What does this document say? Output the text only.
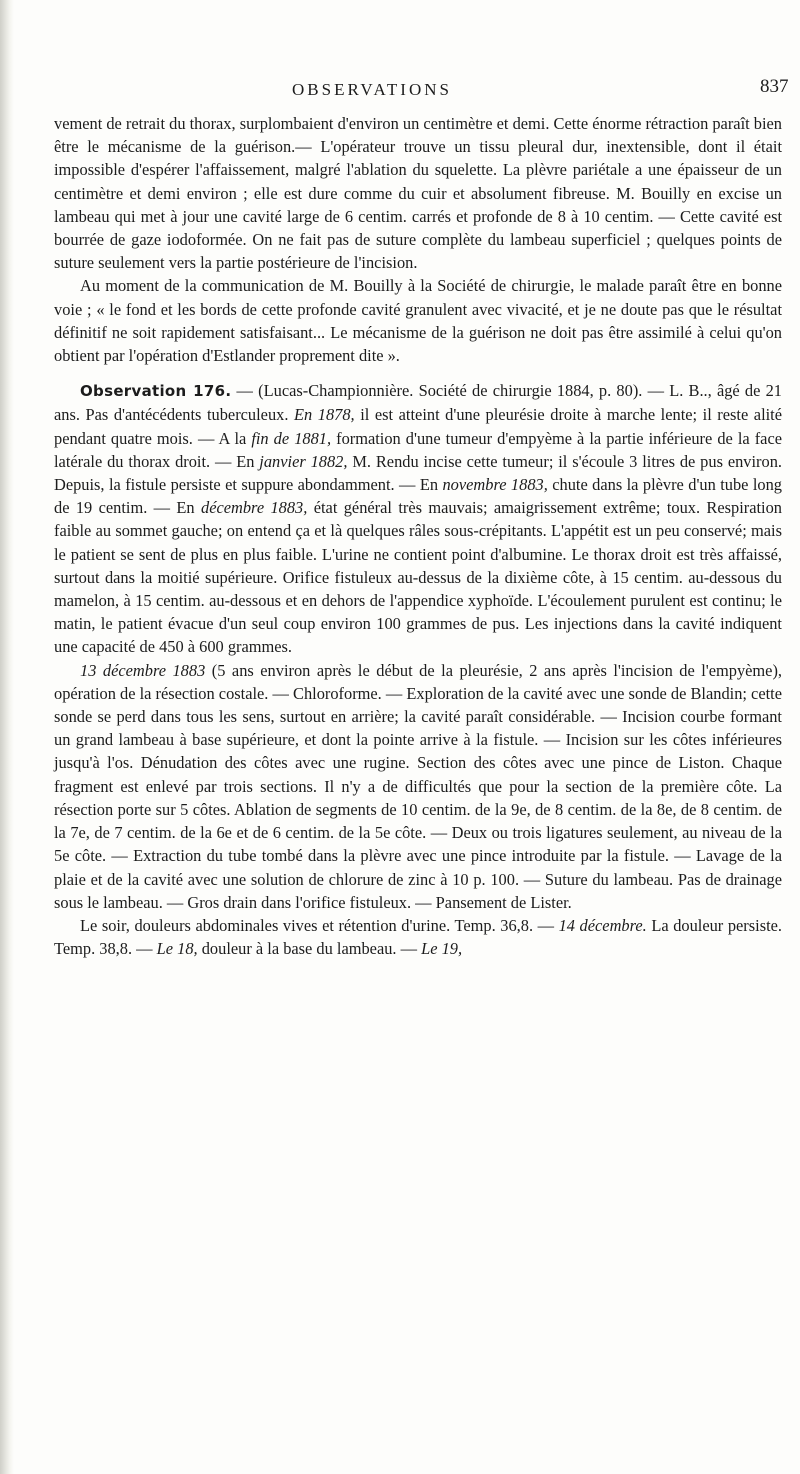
OBSERVATIONS	837

vement de retrait du thorax, surplombaient d'environ un centimètre et demi. Cette énorme rétraction paraît bien être le mécanisme de la guérison.— L'opérateur trouve un tissu pleural dur, inextensible, dont il était impossible d'espérer l'affaissement, malgré l'ablation du squelette. La plèvre pariétale a une épaisseur de un centimètre et demi environ ; elle est dure comme du cuir et absolument fibreuse. M. Bouilly en excise un lambeau qui met à jour une cavité large de 6 centim. carrés et profonde de 8 à 10 centim. — Cette cavité est bourrée de gaze iodoformée. On ne fait pas de suture complète du lambeau superficiel ; quelques points de suture seulement vers la partie postérieure de l'incision.

Au moment de la communication de M. Bouilly à la Société de chirurgie, le malade paraît être en bonne voie ; « le fond et les bords de cette profonde cavité granulent avec vivacité, et je ne doute pas que le résultat définitif ne soit rapidement satisfaisant... Le mécanisme de la guérison ne doit pas être assimilé à celui qu'on obtient par l'opération d'Estlander proprement dite ».

Observation 176. — (Lucas-Championnière. Société de chirurgie 1884, p. 80). — L. B.., âgé de 21 ans. Pas d'antécédents tuberculeux. En 1878, il est atteint d'une pleurésie droite à marche lente; il reste alité pendant quatre mois. — A la fin de 1881, formation d'une tumeur d'empyème à la partie inférieure de la face latérale du thorax droit. — En janvier 1882, M. Rendu incise cette tumeur; il s'écoule 3 litres de pus environ. Depuis, la fistule persiste et suppure abondamment. — En novembre 1883, chute dans la plèvre d'un tube long de 19 centim. — En décembre 1883, état général très mauvais; amaigrissement extrême; toux. Respiration faible au sommet gauche; on entend ça et là quelques râles sous-crépitants. L'appétit est un peu conservé; mais le patient se sent de plus en plus faible. L'urine ne contient point d'albumine. Le thorax droit est très affaissé, surtout dans la moitié supérieure. Orifice fistuleux au-dessus de la dixième côte, à 15 centim. au-dessous du mamelon, à 15 centim. au-dessous et en dehors de l'appendice xyphoïde. L'écoulement purulent est continu; le matin, le patient évacue d'un seul coup environ 100 grammes de pus. Les injections dans la cavité indiquent une capacité de 450 à 600 grammes.

13 décembre 1883 (5 ans environ après le début de la pleurésie, 2 ans après l'incision de l'empyème), opération de la résection costale. — Chloroforme. — Exploration de la cavité avec une sonde de Blandin; cette sonde se perd dans tous les sens, surtout en arrière; la cavité paraît considérable. — Incision courbe formant un grand lambeau à base supérieure, et dont la pointe arrive à la fistule. — Incision sur les côtes inférieures jusqu'à l'os. Dénudation des côtes avec une rugine. Section des côtes avec une pince de Liston. Chaque fragment est enlevé par trois sections. Il n'y a de difficultés que pour la section de la première côte. La résection porte sur 5 côtes. Ablation de segments de 10 centim. de la 9e, de 8 centim. de la 8e, de 8 centim. de la 7e, de 7 centim. de la 6e et de 6 centim. de la 5e côte. — Deux ou trois ligatures seulement, au niveau de la 5e côte. — Extraction du tube tombé dans la plèvre avec une pince introduite par la fistule. — Lavage de la plaie et de la cavité avec une solution de chlorure de zinc à 10 p. 100. — Suture du lambeau. Pas de drainage sous le lambeau. — Gros drain dans l'orifice fistuleux. — Pansement de Lister.

Le soir, douleurs abdominales vives et rétention d'urine. Temp. 36,8. — 14 décembre. La douleur persiste. Temp. 38,8. — Le 18, douleur à la base du lambeau. — Le 19,
